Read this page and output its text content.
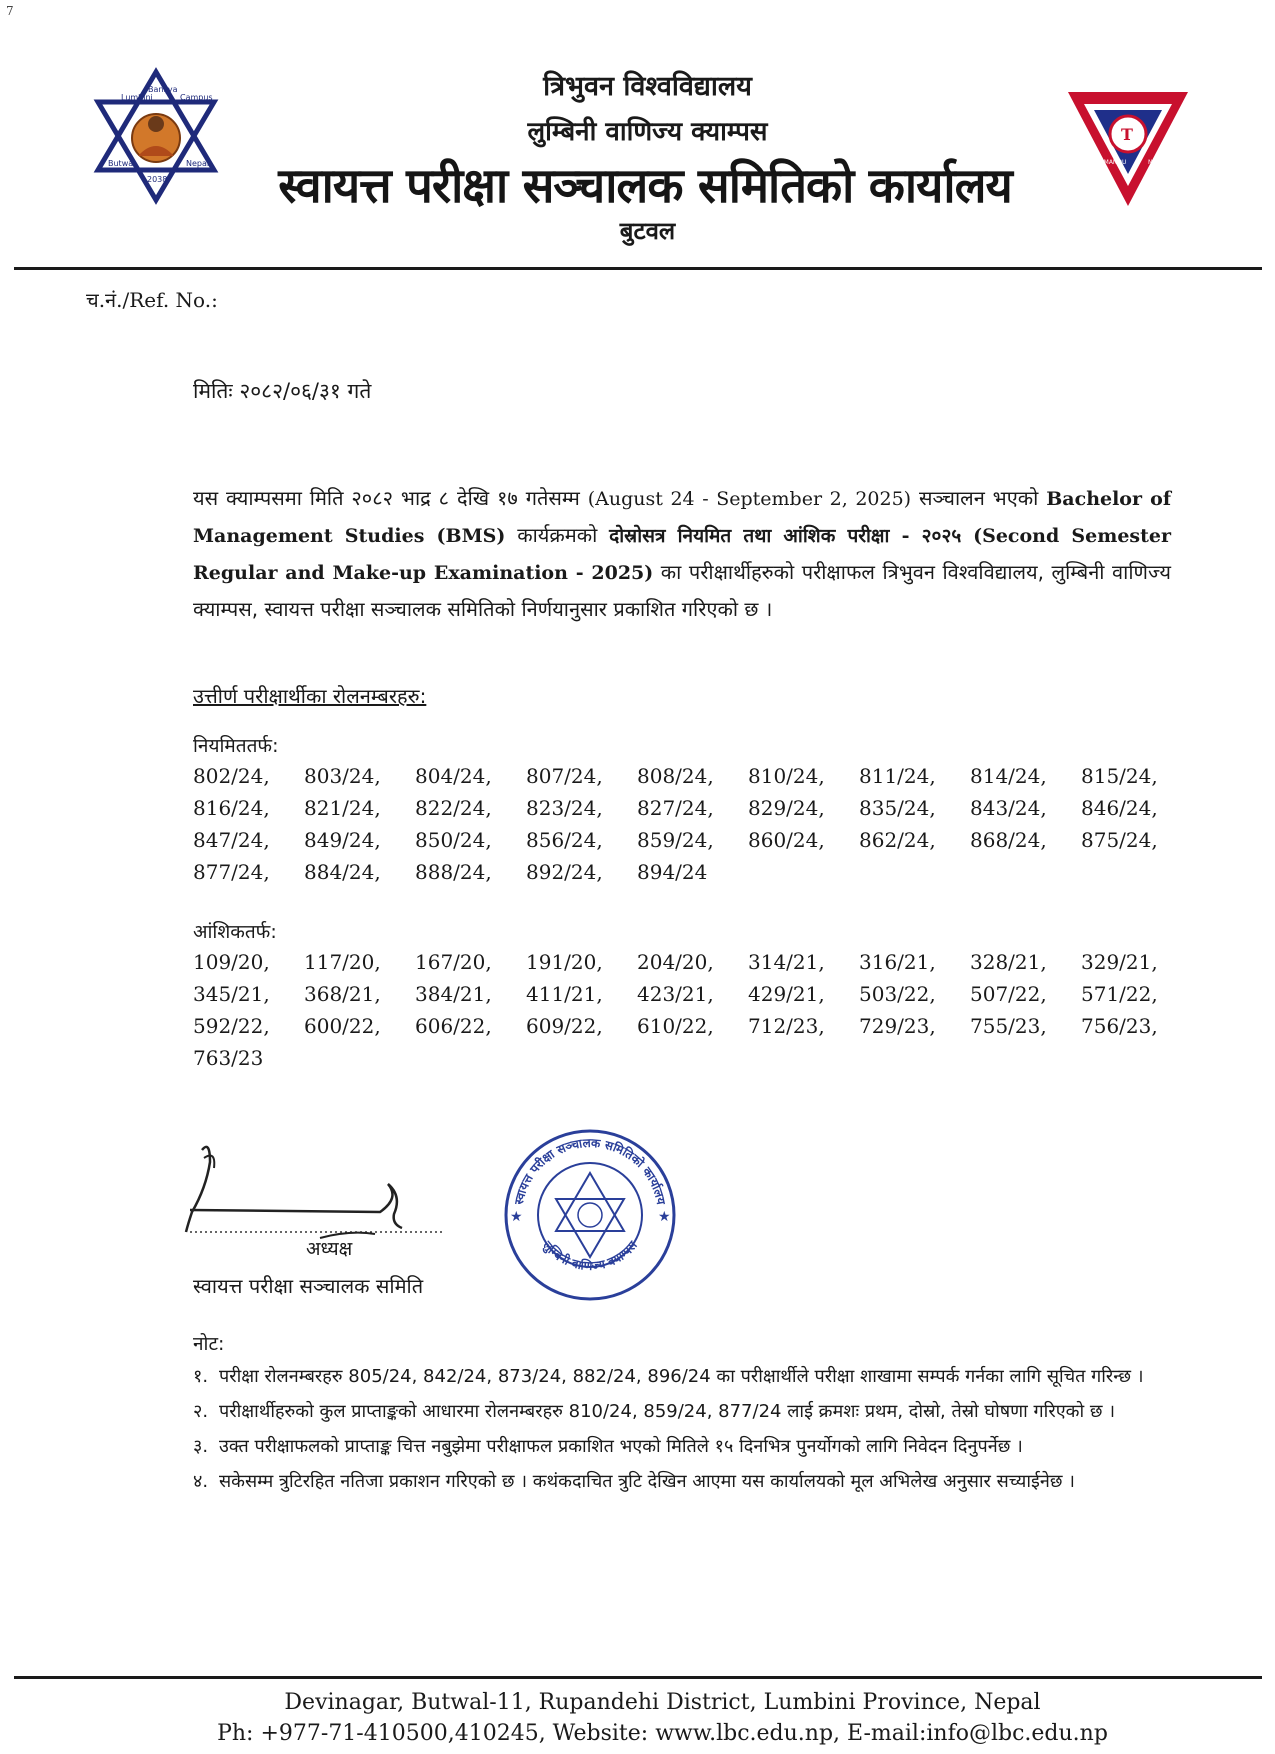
7
Lumbini
Banijya
Campus
Butwal	Nepal
2038
त्रिभुवन विश्वविद्यालय
लुम्बिनी वाणिज्य क्याम्पस
स्वायत्त परीक्षा सञ्चालक समितिको कार्यालय
बुटवल
T
KATHMANDU	NEPAL
च.नं./Ref. No.:
मितिः २०८२/०६/३१ गते
यस क्याम्पसमा मिति २०८२ भाद्र ८ देखि १७ गतेसम्म (August 24 - September 2, 2025) सञ्चालन भएको Bachelor of Management Studies (BMS) कार्यक्रमको दोस्रोसत्र नियमित तथा आंशिक परीक्षा - २०२५ (Second Semester Regular and Make-up Examination - 2025) का परीक्षार्थीहरुको परीक्षाफल त्रिभुवन विश्वविद्यालय, लुम्बिनी वाणिज्य क्याम्पस, स्वायत्त परीक्षा सञ्चालक समितिको निर्णयानुसार प्रकाशित गरिएको छ ।
उत्तीर्ण परीक्षार्थीका रोलनम्बरहरु:
नियमिततर्फ:
802/24,	803/24,	804/24,	807/24,	808/24,	810/24,	811/24,	814/24,	815/24,
816/24,	821/24,	822/24,	823/24,	827/24,	829/24,	835/24,	843/24,	846/24,
847/24,	849/24,	850/24,	856/24,	859/24,	860/24,	862/24,	868/24,	875/24,
877/24,	884/24,	888/24,	892/24,	894/24
आंशिकतर्फ:
109/20,	117/20,	167/20,	191/20,	204/20,	314/21,	316/21,	328/21,	329/21,
345/21,	368/21,	384/21,	411/21,	423/21,	429/21,	503/22,	507/22,	571/22,
592/22,	600/22,	606/22,	609/22,	610/22,	712/23,	729/23,	755/23,	756/23,
763/23
अध्यक्ष
स्वायत्त परीक्षा सञ्चालक समिति
★	★
स्वायत्त परीक्षा सञ्चालक समितिको कार्यालय
लुम्बिनी वाणिज्य क्याम्पस
नोट:
१. परीक्षा रोलनम्बरहरु 805/24, 842/24, 873/24, 882/24, 896/24 का परीक्षार्थीले परीक्षा शाखामा सम्पर्क गर्नका लागि सूचित गरिन्छ ।
२. परीक्षार्थीहरुको कुल प्राप्ताङ्कको आधारमा रोलनम्बरहरु 810/24, 859/24, 877/24 लाई क्रमशः प्रथम, दोस्रो, तेस्रो घोषणा गरिएको छ ।
३. उक्त परीक्षाफलको प्राप्ताङ्क चित्त नबुझेमा परीक्षाफल प्रकाशित भएको मितिले १५ दिनभित्र पुनर्योगको लागि निवेदन दिनुपर्नेछ ।
४. सकेसम्म त्रुटिरहित नतिजा प्रकाशन गरिएको छ । कथंकदाचित त्रुटि देखिन आएमा यस कार्यालयको मूल अभिलेख अनुसार सच्याईनेछ ।
Devinagar, Butwal-11, Rupandehi District, Lumbini Province, Nepal
Ph: +977-71-410500,410245, Website: www.lbc.edu.np, E-mail:info@lbc.edu.np
